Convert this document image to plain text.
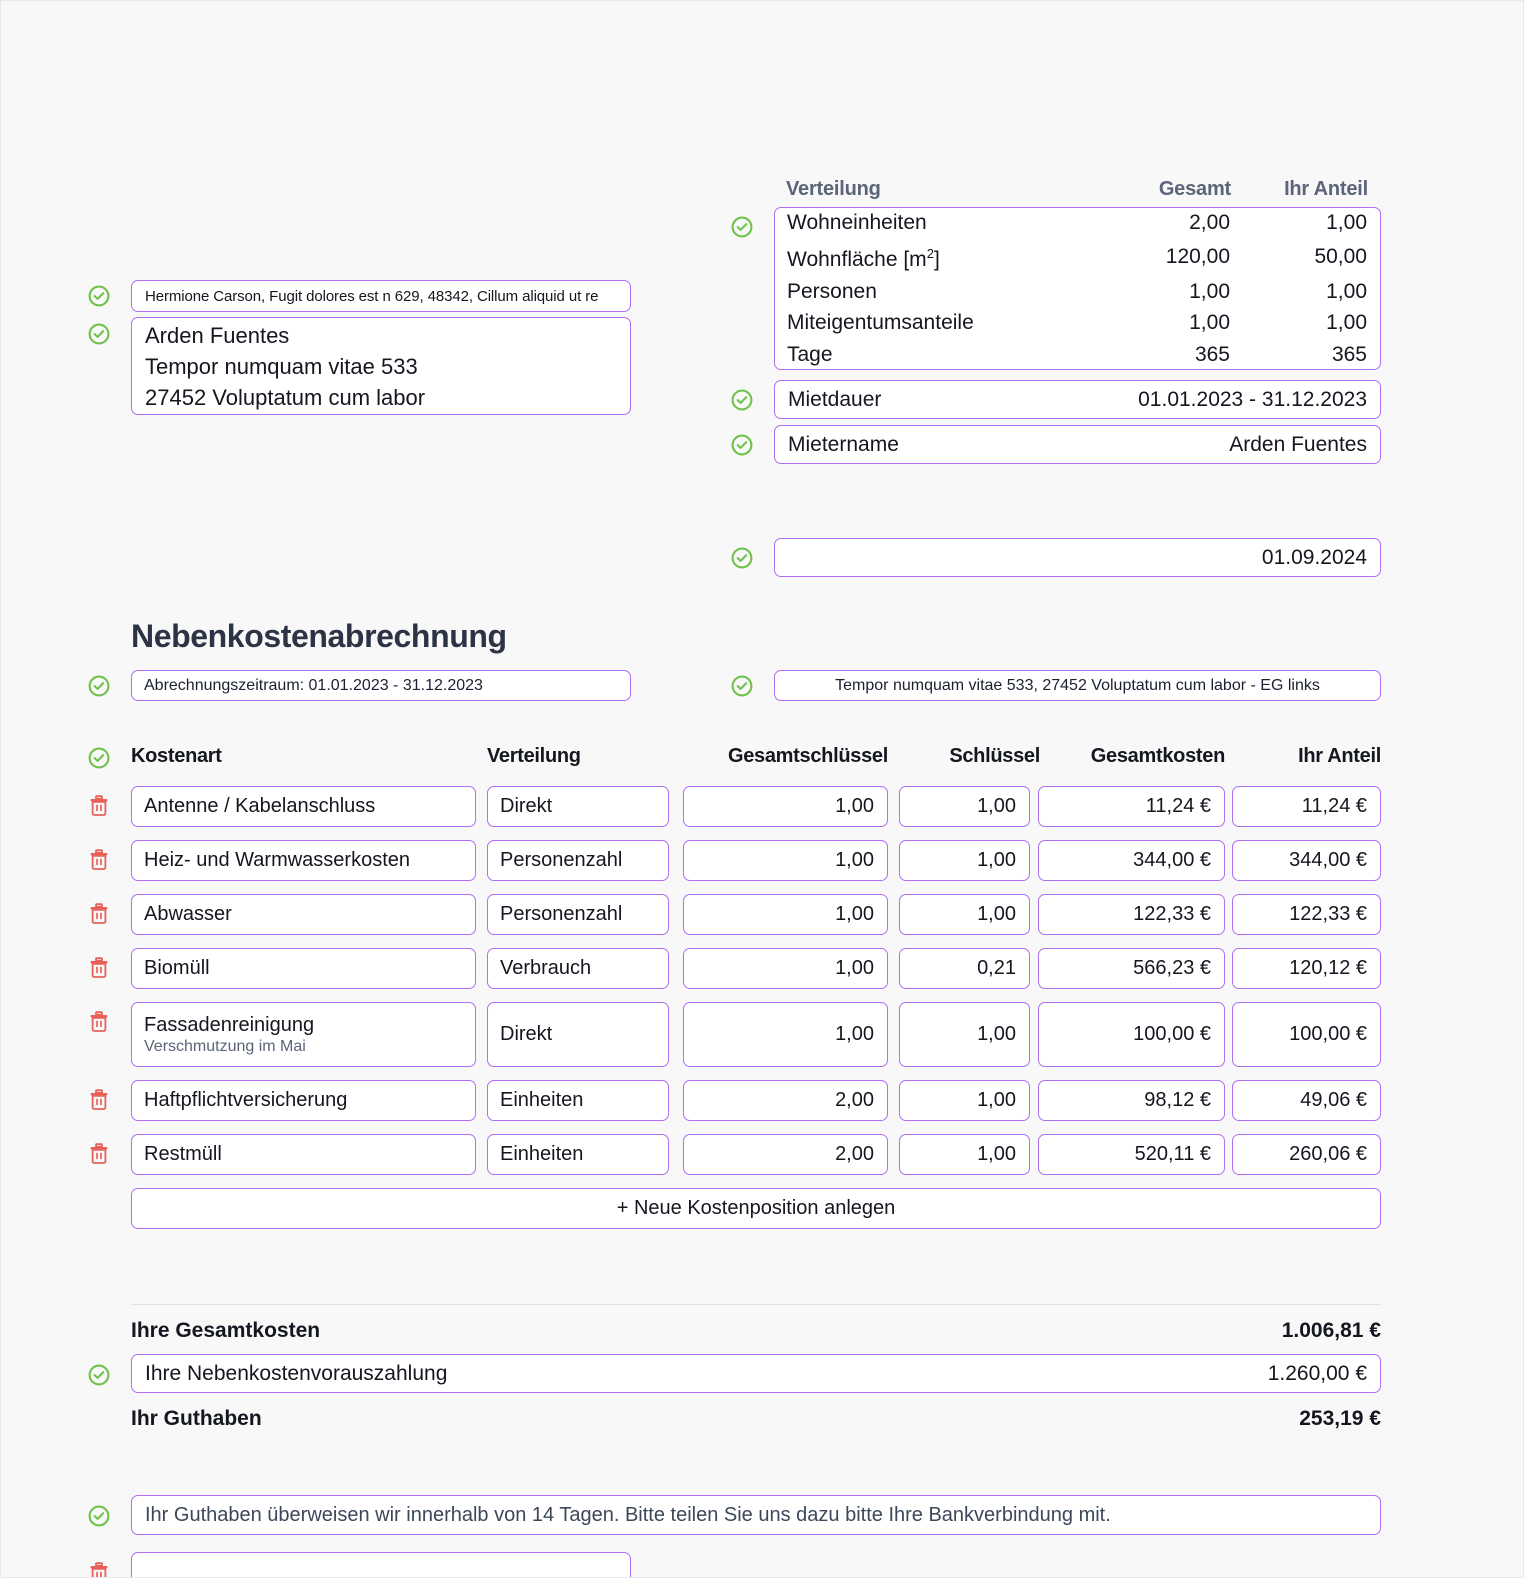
Hermione Carson, Fugit dolores est n 629, 48342, Cillum aliquid ut re
Arden Fuentes
Tempor numquam vitae 533
27452 Voluptatum cum labor
Verteilung	Gesamt	Ihr Anteil
Wohneinheiten	2,00	1,00
Wohnfläche $[m^2]$	120,00	50,00
Personen	1,00	1,00
Miteigentumsanteile	1,00	1,00
Tage	365	365
Mietdauer	01.01.2023 - 31.12.2023
Mietername	Arden Fuentes
01.09.2024
Nebenkostenabrechnung
Abrechnungszeitraum: 01.01.2023 - 31.12.2023	Tempor numquam vitae 533, 27452 Voluptatum cum labor - EG links
Kostenart	Verteilung	Gesamtschlüssel	Schlüssel	Gesamtkosten	Ihr Anteil
Antenne / Kabelanschluss	Direkt	1,00	1,00	11,24 €	11,24 €
Heiz- und Warmwasserkosten	Personenzahl	1,00	1,00	344,00 €	344,00 €
Abwasser	Personenzahl	1,00	1,00	122,33 €	122,33 €
Biomüll	Verbrauch	1,00	0,21	566,23 €	120,12 €
Fassadenreinigung
Verschmutzung im Mai
Direkt	1,00	1,00	100,00 €	100,00 €
Haftpflichtversicherung	Einheiten	2,00	1,00	98,12 €	49,06 €
Restmüll	Einheiten	2,00	1,00	520,11 €	260,06 €
+ Neue Kostenposition anlegen
Ihre Gesamtkosten	1.006,81 €
Ihre Nebenkostenvorauszahlung	1.260,00 €
Ihr Guthaben	253,19 €
Ihr Guthaben überweisen wir innerhalb von 14 Tagen. Bitte teilen Sie uns dazu bitte Ihre Bankverbindung mit.
